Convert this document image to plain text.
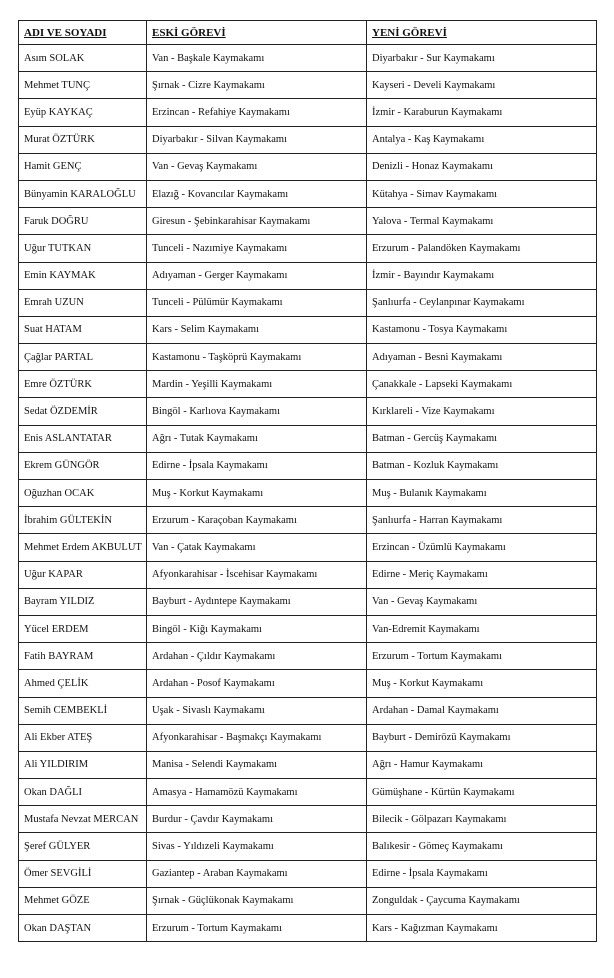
ADI VE SOYADI	ESKİ GÖREVİ	YENİ GÖREVİ
Asım SOLAK	Van - Başkale Kaymakamı	Diyarbakır - Sur Kaymakamı
Mehmet TUNÇ	Şırnak - Cizre Kaymakamı	Kayseri - Develi Kaymakamı
Eyüp KAYKAÇ	Erzincan - Refahiye Kaymakamı	İzmir - Karaburun Kaymakamı
Murat ÖZTÜRK	Diyarbakır - Silvan Kaymakamı	Antalya - Kaş Kaymakamı
Hamit GENÇ	Van - Gevaş Kaymakamı	Denizli - Honaz Kaymakamı
Bünyamin KARALOĞLU	Elazığ - Kovancılar Kaymakamı	Kütahya - Simav Kaymakamı
Faruk DOĞRU	Giresun - Şebinkarahisar Kaymakamı	Yalova - Termal Kaymakamı
Uğur TUTKAN	Tunceli - Nazımiye Kaymakamı	Erzurum - Palandöken Kaymakamı
Emin KAYMAK	Adıyaman - Gerger Kaymakamı	İzmir - Bayındır Kaymakamı
Emrah UZUN	Tunceli - Pülümür Kaymakamı	Şanlıurfa - Ceylanpınar Kaymakamı
Suat HATAM	Kars - Selim Kaymakamı	Kastamonu - Tosya Kaymakamı
Çağlar PARTAL	Kastamonu - Taşköprü Kaymakamı	Adıyaman - Besni Kaymakamı
Emre ÖZTÜRK	Mardin - Yeşilli Kaymakamı	Çanakkale - Lapseki Kaymakamı
Sedat ÖZDEMİR	Bingöl - Karlıova Kaymakamı	Kırklareli - Vize Kaymakamı
Enis ASLANTATAR	Ağrı - Tutak Kaymakamı	Batman - Gercüş Kaymakamı
Ekrem GÜNGÖR	Edirne - İpsala Kaymakamı	Batman - Kozluk Kaymakamı
Oğuzhan OCAK	Muş - Korkut Kaymakamı	Muş - Bulanık Kaymakamı
İbrahim GÜLTEKİN	Erzurum - Karaçoban Kaymakamı	Şanlıurfa - Harran Kaymakamı
Mehmet Erdem AKBULUT	Van - Çatak Kaymakamı	Erzincan - Üzümlü Kaymakamı
Uğur KAPAR	Afyonkarahisar - İscehisar Kaymakamı	Edirne - Meriç Kaymakamı
Bayram YILDIZ	Bayburt - Aydıntepe Kaymakamı	Van - Gevaş Kaymakamı
Yücel ERDEM	Bingöl - Kiğı Kaymakamı	Van-Edremit Kaymakamı
Fatih BAYRAM	Ardahan - Çıldır Kaymakamı	Erzurum - Tortum Kaymakamı
Ahmed ÇELİK	Ardahan - Posof Kaymakamı	Muş - Korkut Kaymakamı
Semih CEMBEKLİ	Uşak - Sivaslı Kaymakamı	Ardahan - Damal Kaymakamı
Ali Ekber ATEŞ	Afyonkarahisar - Başmakçı Kaymakamı	Bayburt - Demirözü Kaymakamı
Ali YILDIRIM	Manisa - Selendi Kaymakamı	Ağrı - Hamur Kaymakamı
Okan DAĞLI	Amasya - Hamamözü Kaymakamı	Gümüşhane - Kürtün Kaymakamı
Mustafa Nevzat MERCAN	Burdur - Çavdır Kaymakamı	Bilecik - Gölpazarı Kaymakamı
Şeref GÜLYER	Sivas - Yıldızeli Kaymakamı	Balıkesir - Gömeç Kaymakamı
Ömer SEVGİLİ	Gaziantep - Araban Kaymakamı	Edirne - İpsala Kaymakamı
Mehmet GÖZE	Şırnak - Güçlükonak Kaymakamı	Zonguldak - Çaycuma Kaymakamı
Okan DAŞTAN	Erzurum - Tortum Kaymakamı	Kars - Kağızman Kaymakamı
